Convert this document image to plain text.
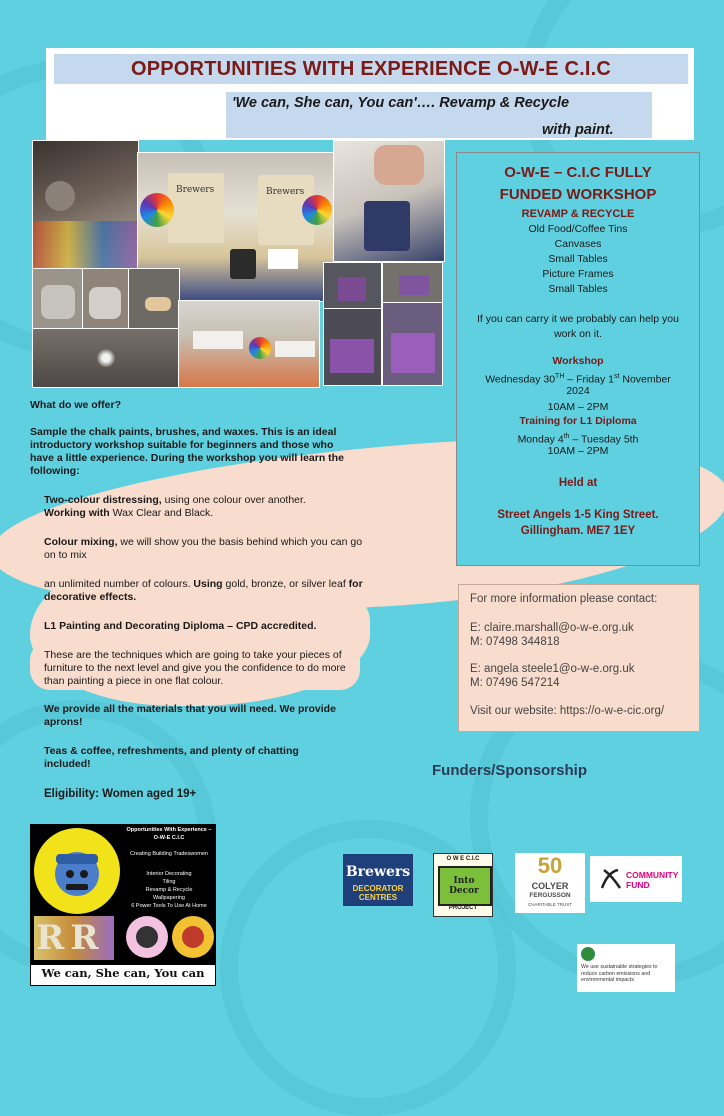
OPPORTUNITIES WITH EXPERIENCE O-W-E C.I.C
'We can, She can, You can'…. Revamp & Recycle
with paint.
Brewers	Brewers
What do we offer?
Sample the chalk paints, brushes, and waxes. This is an ideal introductory workshop suitable for beginners and those who have a little experience. During the workshop you will learn the following:
Two-colour distressing, using one colour over another.
Working with Wax Clear and Black.
Colour mixing, we will show you the basis behind which you can go on to mix
an unlimited number of colours. Using gold, bronze, or silver leaf for decorative effects.
L1 Painting and Decorating Diploma – CPD accredited.
These are the techniques which are going to take your pieces of furniture to the next level and give you the confidence to do more than painting a piece in one flat colour.
We provide all the materials that you will need. We provide aprons!
Teas & coffee, refreshments, and plenty of chatting included!
Eligibility: Women aged 19+
O-W-E – C.I.C FULLY
FUNDED WORKSHOP
REVAMP & RECYCLE
Old Food/Coffee Tins
Canvases
Small Tables
Picture Frames
Small Tables
If you can carry it we probably can help you
work on it.
Workshop
Wednesday 30TH – Friday 1st November
2024
10AM – 2PM
Training for L1 Diploma
Monday 4th – Tuesday 5th
10AM – 2PM
Held at
Street Angels 1-5 King Street.
Gillingham. ME7 1EY
For more information please contact:
E: claire.marshall@o-w-e.org.uk
M: 07498 344818
E: angela steele1@o-w-e.org.uk
M: 07496 547214
Visit our website: https://o-w-e-cic.org/
Funders/Sponsorship
Brewers
DECORATOR
CENTRES
O W E C.I.C
Into Decor
PROJECT
50
COLYER
FERGUSSON
CHARITABLE TRUST
COMMUNITY
FUND
We use sustainable strategies to reduce carbon emissions and environmental impacts
Opportunities With Experience – O-W-E C.I.C
Creating Building Tradeswomen
Interior Decorating
Tiling
Revamp & Recycle
Wallpapering
6 Power Tools To Use At Home
RR
We can, She can, You can
